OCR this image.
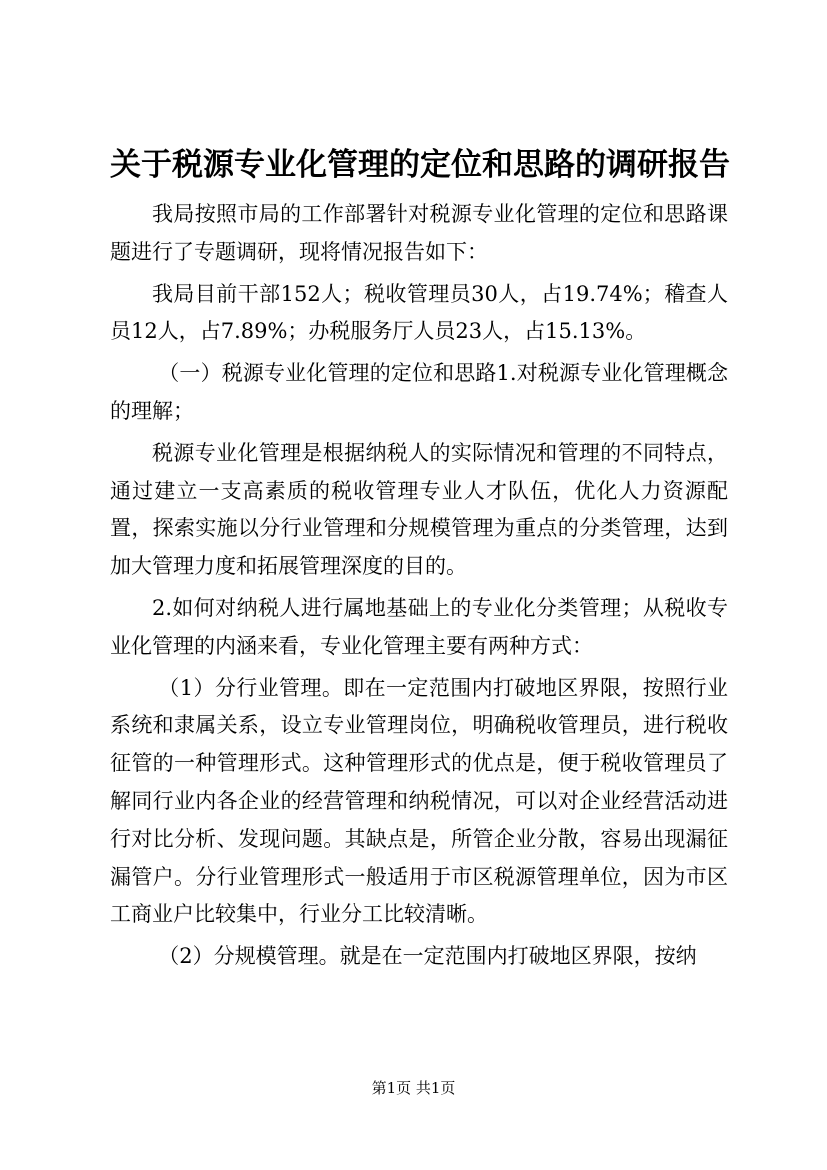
关于税源专业化管理的定位和思路的调研报告

我局按照市局的工作部署针对税源专业化管理的定位和思路课题进行了专题调研，现将情况报告如下：

我局目前干部152人；税收管理员30人，占19.74%；稽查人员12人，占7.89%；办税服务厅人员23人，占15.13%。

（一）税源专业化管理的定位和思路1.对税源专业化管理概念的理解；

税源专业化管理是根据纳税人的实际情况和管理的不同特点，通过建立一支高素质的税收管理专业人才队伍，优化人力资源配置，探索实施以分行业管理和分规模管理为重点的分类管理，达到加大管理力度和拓展管理深度的目的。

2.如何对纳税人进行属地基础上的专业化分类管理；从税收专业化管理的内涵来看，专业化管理主要有两种方式：

（1）分行业管理。即在一定范围内打破地区界限，按照行业系统和隶属关系，设立专业管理岗位，明确税收管理员，进行税收征管的一种管理形式。这种管理形式的优点是，便于税收管理员了解同行业内各企业的经营管理和纳税情况，可以对企业经营活动进行对比分析、发现问题。其缺点是，所管企业分散，容易出现漏征漏管户。分行业管理形式一般适用于市区税源管理单位，因为市区工商业户比较集中，行业分工比较清晰。

（2）分规模管理。就是在一定范围内打破地区界限，按纳

第1页 共1页
